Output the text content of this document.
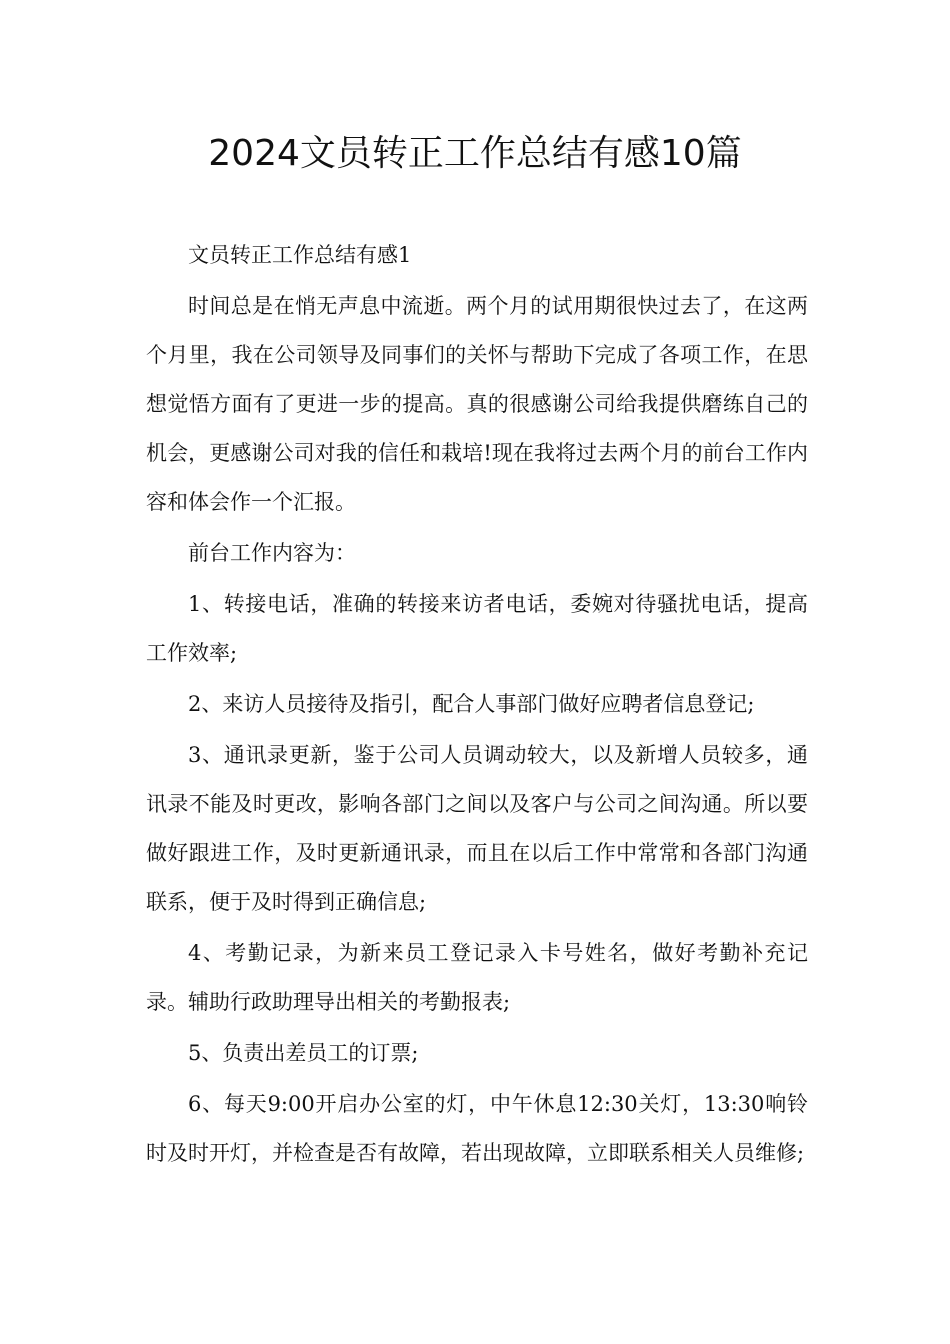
2024文员转正工作总结有感10篇

文员转正工作总结有感1

时间总是在悄无声息中流逝。两个月的试用期很快过去了，在这两个月里，我在公司领导及同事们的关怀与帮助下完成了各项工作，在思想觉悟方面有了更进一步的提高。真的很感谢公司给我提供磨练自己的机会，更感谢公司对我的信任和栽培!现在我将过去两个月的前台工作内容和体会作一个汇报。

前台工作内容为：

1、转接电话，准确的转接来访者电话，委婉对待骚扰电话，提高工作效率;

2、来访人员接待及指引，配合人事部门做好应聘者信息登记;

3、通讯录更新，鉴于公司人员调动较大，以及新增人员较多，通讯录不能及时更改，影响各部门之间以及客户与公司之间沟通。所以要做好跟进工作，及时更新通讯录，而且在以后工作中常常和各部门沟通联系，便于及时得到正确信息;

4、考勤记录，为新来员工登记录入卡号姓名，做好考勤补充记录。辅助行政助理导出相关的考勤报表;

5、负责出差员工的订票;

6、每天9:00开启办公室的灯，中午休息12:30关灯，13:30响铃时及时开灯，并检查是否有故障，若出现故障，立即联系相关人员维修;
